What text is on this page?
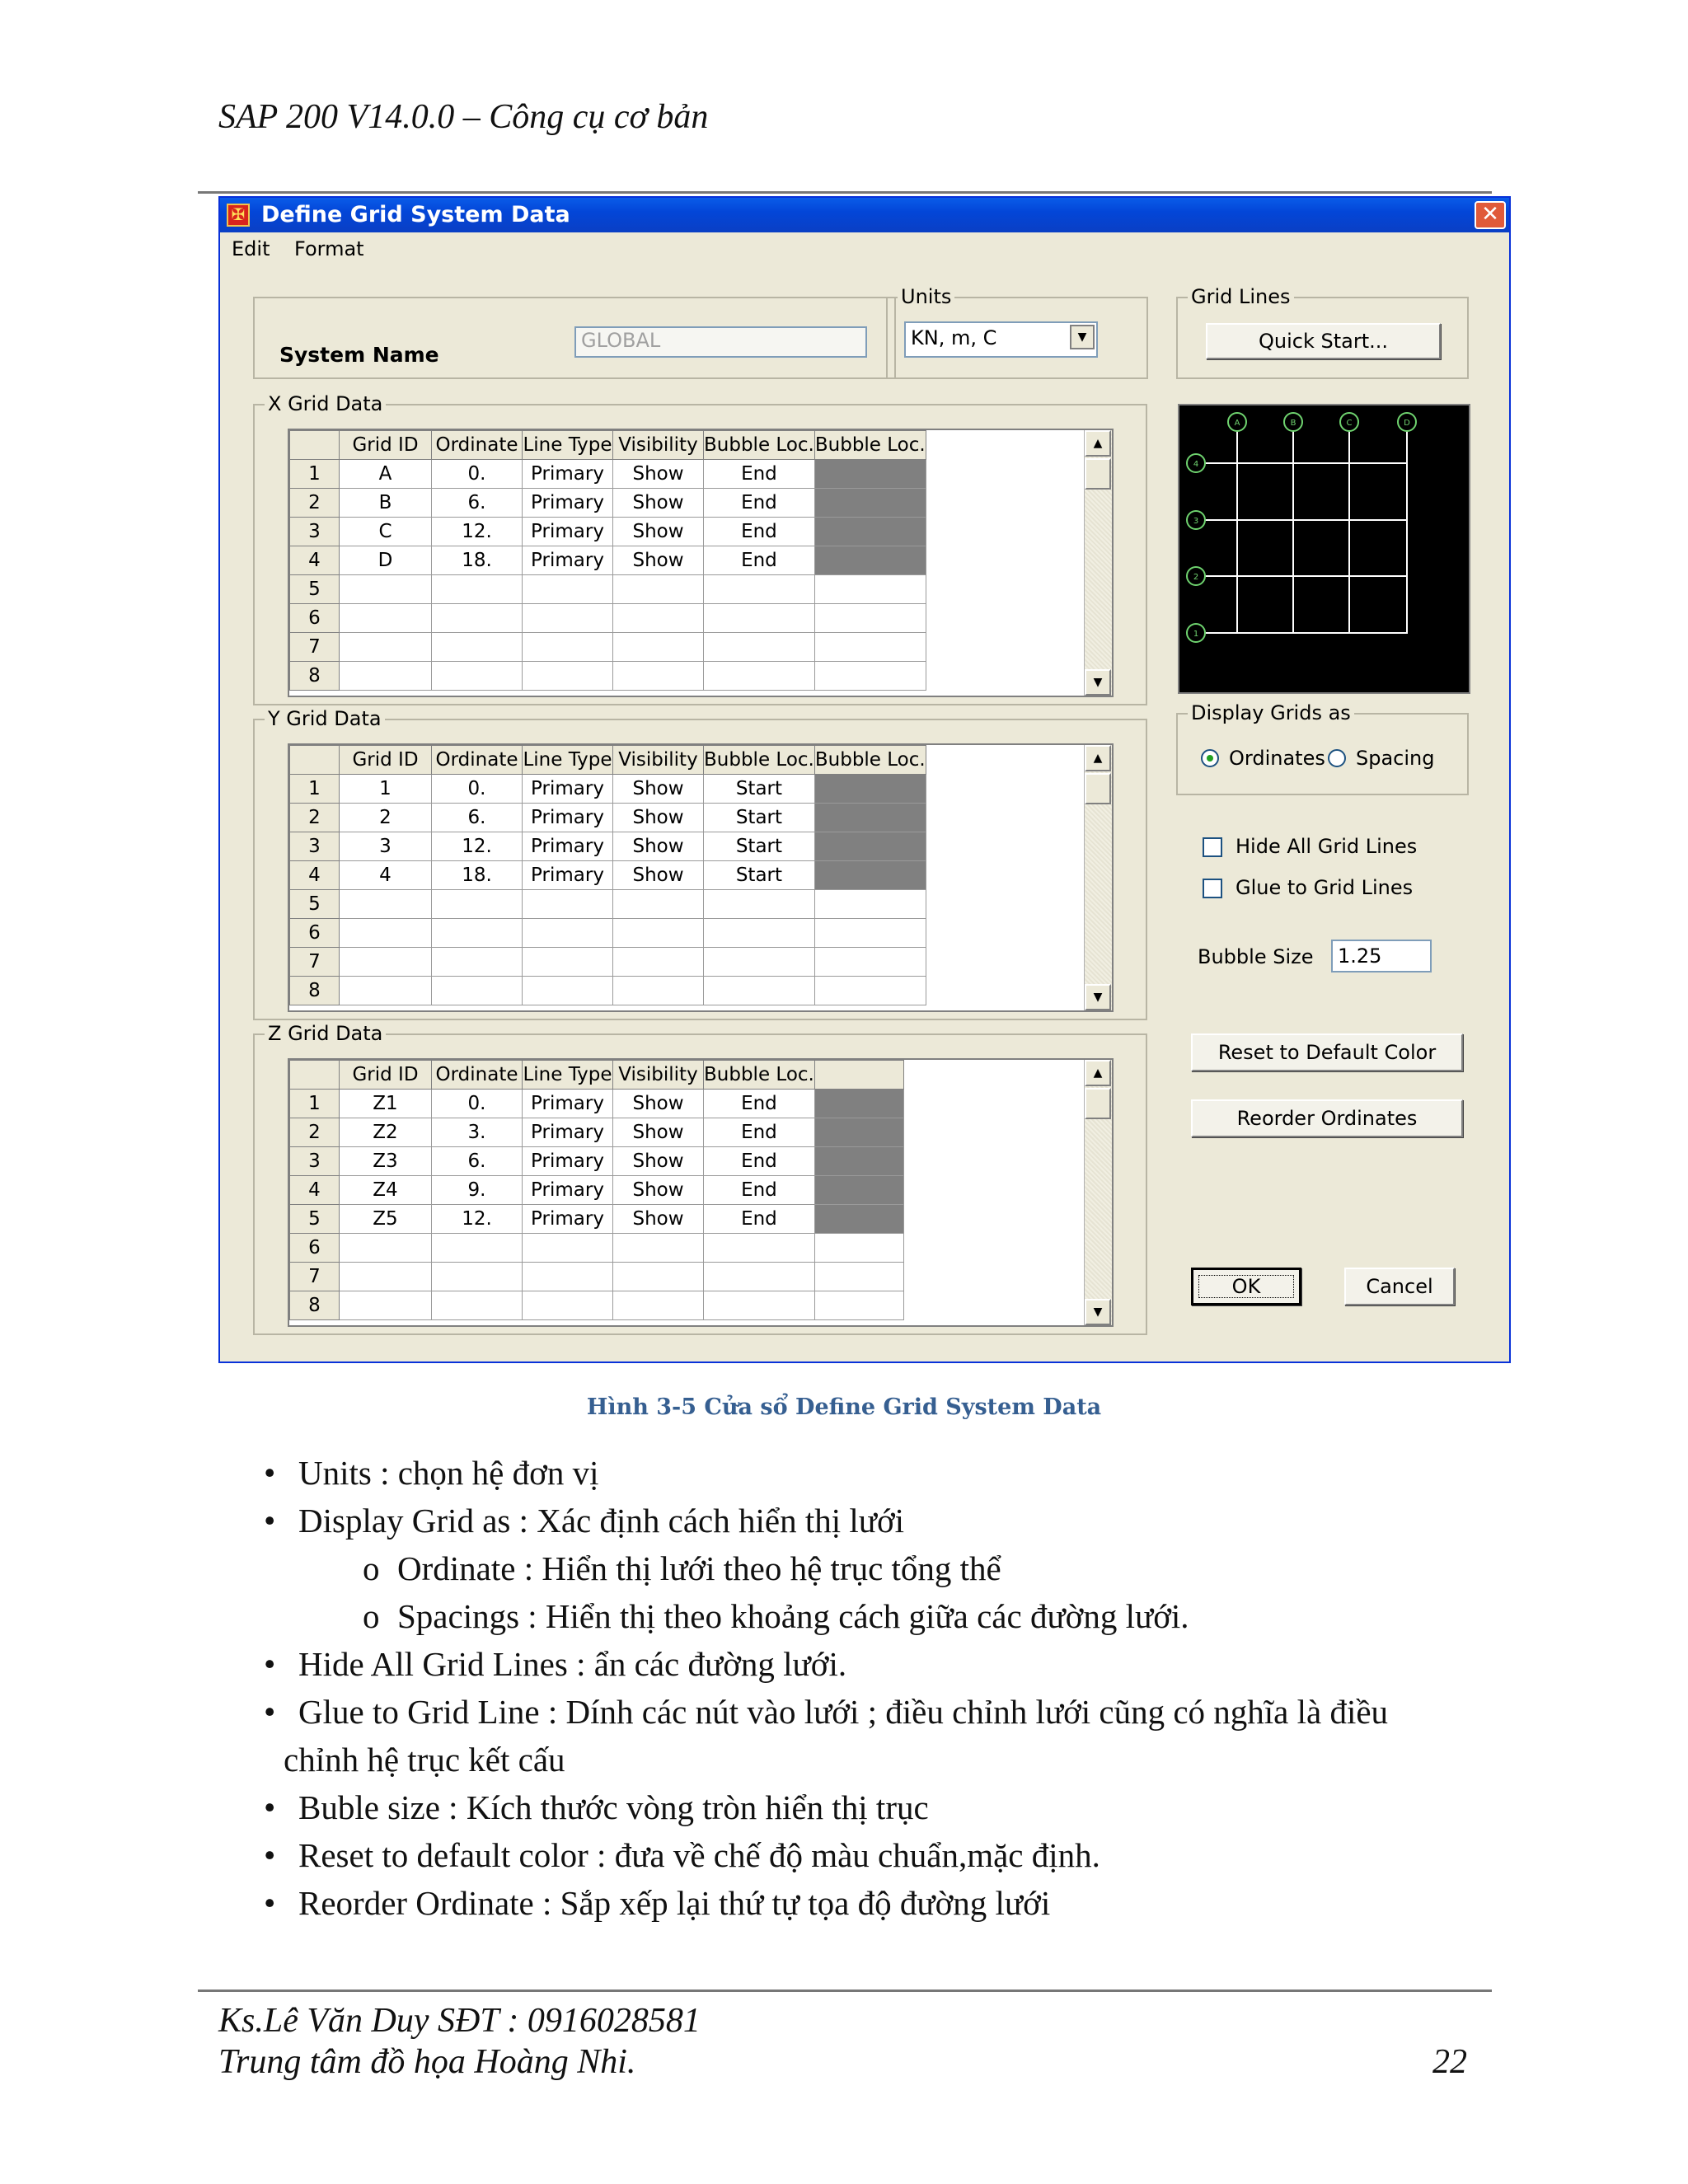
SAP 200 V14.0.0 – Công cụ cơ bản
✠ Define Grid System Data	✕
Edit Format
System Name
GLOBAL
Units
KN, m, C	▼
Grid Lines
Quick Start...
X Grid Data
	Grid ID	Ordinate	Line Type	Visibility	Bubble Loc.	Bubble Loc.
1	A	0.	Primary	Show	End	
2	B	6.	Primary	Show	End	
3	C	12.	Primary	Show	End	
4	D	18.	Primary	Show	End	
5						
6						
7						
8						
▲
▼
Y Grid Data
	Grid ID	Ordinate	Line Type	Visibility	Bubble Loc.	Bubble Loc.
1	1	0.	Primary	Show	Start	
2	2	6.	Primary	Show	Start	
3	3	12.	Primary	Show	Start	
4	4	18.	Primary	Show	Start	
5						
6						
7						
8						
▲
▼
Z Grid Data
	Grid ID	Ordinate	Line Type	Visibility	Bubble Loc.	
1	Z1	0.	Primary	Show	End	
2	Z2	3.	Primary	Show	End	
3	Z3	6.	Primary	Show	End	
4	Z4	9.	Primary	Show	End	
5	Z5	12.	Primary	Show	End	
6						
7						
8						
▲
▼
A	B	C	D
4
3
2
1
Display Grids as
Ordinates Spacing
Hide All Grid Lines
Glue to Grid Lines
Bubble Size	1.25
Reset to Default Color
Reorder Ordinates
OK	Cancel
Hình 3-5 Cửa sổ Define Grid System Data
• Units : chọn hệ đơn vị
• Display Grid as : Xác định cách hiển thị lưới
o Ordinate : Hiển thị lưới theo hệ trục tổng thể
o Spacings : Hiển thị theo khoảng cách giữa các đường lưới.
• Hide All Grid Lines : ẩn các đường lưới.
• Glue to Grid Line : Dính các nút vào lưới ; điều chỉnh lưới cũng có nghĩa là điều
chỉnh hệ trục kết cấu
• Buble size : Kích thước vòng tròn hiển thị trục
• Reset to default color : đưa về chế độ màu chuẩn,mặc định.
• Reorder Ordinate : Sắp xếp lại thứ tự tọa độ đường lưới
Ks.Lê Văn Duy SĐT : 0916028581
Trung tâm đồ họa Hoàng Nhi.	22
